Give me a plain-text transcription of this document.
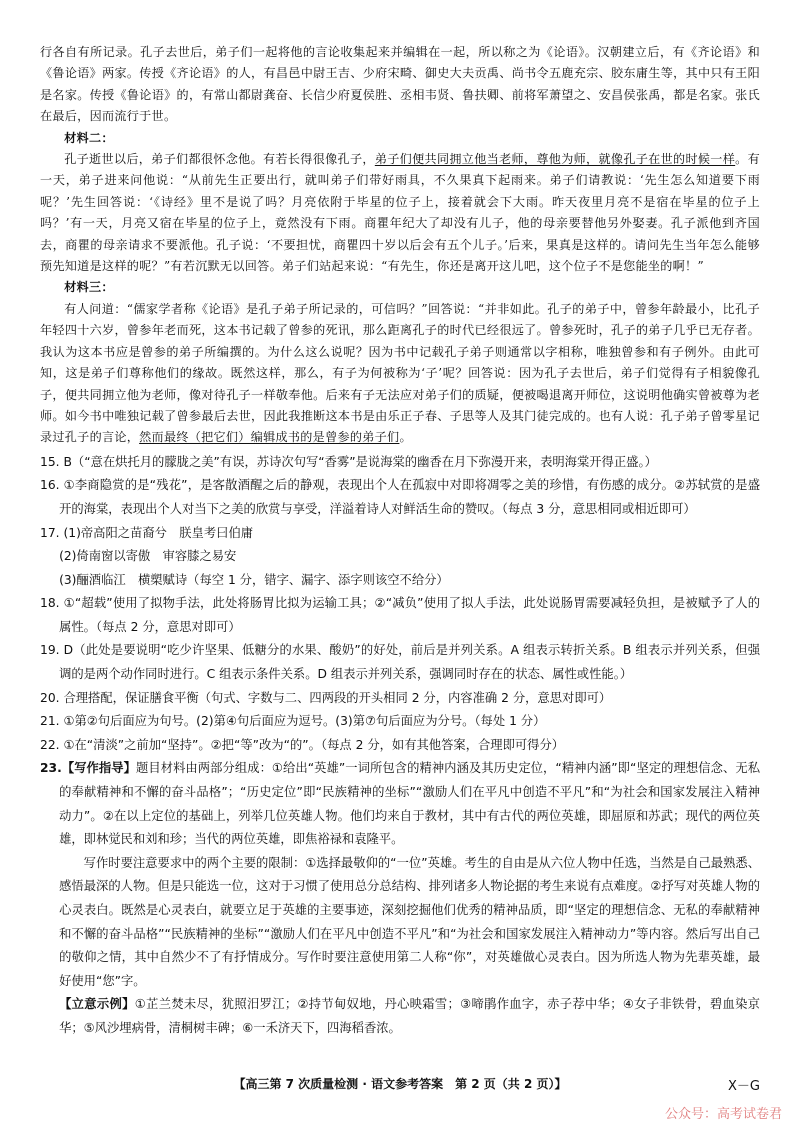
行各自有所记录。孔子去世后，弟子们一起将他的言论收集起来并编辑在一起，所以称之为《论语》。汉朝建立后，有《齐论语》和《鲁论语》两家。传授《齐论语》的人，有昌邑中尉王吉、少府宋畸、御史大夫贡禹、尚书令五鹿充宗、胶东庸生等，其中只有王阳是名家。传授《鲁论语》的，有常山都尉龚奋、长信少府夏侯胜、丞相韦贤、鲁扶卿、前将军萧望之、安昌侯张禹，都是名家。张氏在最后，因而流行于世。

材料二：

孔子逝世以后，弟子们都很怀念他。有若长得很像孔子，弟子们便共同拥立他当老师，尊他为师，就像孔子在世的时候一样。有一天，弟子进来问他说：“从前先生正要出行，就叫弟子们带好雨具，不久果真下起雨来。弟子们请教说：‘先生怎么知道要下雨呢？’先生回答说：‘《诗经》里不是说了吗？月亮依附于毕星的位子上，接着就会下大雨。昨天夜里月亮不是宿在毕星的位子上吗？’有一天，月亮又宿在毕星的位子上，竟然没有下雨。商瞿年纪大了却没有儿子，他的母亲要替他另外娶妻。孔子派他到齐国去，商瞿的母亲请求不要派他。孔子说：‘不要担忧，商瞿四十岁以后会有五个儿子。’后来，果真是这样的。请问先生当年怎么能够预先知道是这样的呢？”有若沉默无以回答。弟子们站起来说：“有先生，你还是离开这儿吧，这个位子不是您能坐的啊！”

材料三：

有人问道：“儒家学者称《论语》是孔子弟子所记录的，可信吗？”回答说：“并非如此。孔子的弟子中，曾参年龄最小，比孔子年轻四十六岁，曾参年老而死，这本书记载了曾参的死讯，那么距离孔子的时代已经很远了。曾参死时，孔子的弟子几乎已无存者。我认为这本书应是曾参的弟子所编撰的。为什么这么说呢？因为书中记载孔子弟子则通常以字相称，唯独曾参和有子例外。由此可知，这是弟子们尊称他们的缘故。既然这样，那么，有子为何被称为‘子’呢？回答说：因为孔子去世后，弟子们觉得有子相貌像孔子，便共同拥立他为老师，像对待孔子一样敬奉他。后来有子无法应对弟子们的质疑，便被喝退离开师位，这说明他确实曾被尊为老师。如今书中唯独记载了曾参最后去世，因此我推断这本书是由乐正子春、子思等人及其门徒完成的。也有人说：孔子弟子曾零星记录过孔子的言论，然而最终（把它们）编辑成书的是曾参的弟子们。

15. B（“意在烘托月的朦胧之美”有误，苏诗次句写“香雾”是说海棠的幽香在月下弥漫开来，表明海棠开得正盛。）

16. ①李商隐赏的是“残花”，是客散酒醒之后的静观，表现出个人在孤寂中对即将凋零之美的珍惜，有伤感的成分。②苏轼赏的是盛开的海棠，表现出个人对当下之美的欣赏与享受，洋溢着诗人对鲜活生命的赞叹。（每点 3 分，意思相同或相近即可）

17. (1)帝高阳之苗裔兮　朕皇考曰伯庸

(2)倚南窗以寄傲　审容膝之易安

(3)酾酒临江　横槊赋诗（每空 1 分，错字、漏字、添字则该空不给分）

18. ①“超载”使用了拟物手法，此处将肠胃比拟为运输工具；②“减负”使用了拟人手法，此处说肠胃需要减轻负担，是被赋予了人的属性。（每点 2 分，意思对即可）

19. D（此处是要说明“吃少许坚果、低糖分的水果、酸奶”的好处，前后是并列关系。A 组表示转折关系。B 组表示并列关系，但强调的是两个动作同时进行。C 组表示条件关系。D 组表示并列关系，强调同时存在的状态、属性或性能。）

20. 合理搭配，保证膳食平衡（句式、字数与二、四两段的开头相同 2 分，内容准确 2 分，意思对即可）

21. ①第②句后面应为句号。(2)第④句后面应为逗号。(3)第⑦句后面应为分号。（每处 1 分）

22. ①在“清淡”之前加“坚持”。②把“等”改为“的”。（每点 2 分，如有其他答案，合理即可得分）

23.【写作指导】题目材料由两部分组成：①给出“英雄”一词所包含的精神内涵及其历史定位，“精神内涵”即“坚定的理想信念、无私的奉献精神和不懈的奋斗品格”；“历史定位”即“民族精神的坐标”“激励人们在平凡中创造不平凡”和“为社会和国家发展注入精神动力”。②在以上定位的基础上，列举几位英雄人物。他们均来自于教材，其中有古代的两位英雄，即屈原和苏武；现代的两位英雄，即林觉民和刘和珍；当代的两位英雄，即焦裕禄和袁隆平。

写作时要注意要求中的两个主要的限制：①选择最敬仰的“一位”英雄。考生的自由是从六位人物中任选，当然是自己最熟悉、感悟最深的人物。但是只能选一位，这对于习惯了使用总分总结构、排列诸多人物论据的考生来说有点难度。②抒写对英雄人物的心灵表白。既然是心灵表白，就要立足于英雄的主要事迹，深刻挖掘他们优秀的精神品质，即“坚定的理想信念、无私的奉献精神和不懈的奋斗品格”“民族精神的坐标”“激励人们在平凡中创造不平凡”和“为社会和国家发展注入精神动力”等内容。然后写出自己的敬仰之情，其中自然少不了有抒情成分。写作时要注意使用第二人称“你”，对英雄做心灵表白。因为所选人物为先辈英雄，最好使用“您”字。

【立意示例】①芷兰焚未尽，犹照汨罗江；②持节甸奴地，丹心映霜雪；③啼鹃作血字，赤子荐中华；④女子非铁骨，碧血染京华；⑤风沙埋病骨，清桐树丰碑；⑥一禾济天下，四海稻香浓。

【高三第 7 次质量检测 · 语文参考答案　第 2 页（共 2 页）】	X－G
公众号：高考试卷君
